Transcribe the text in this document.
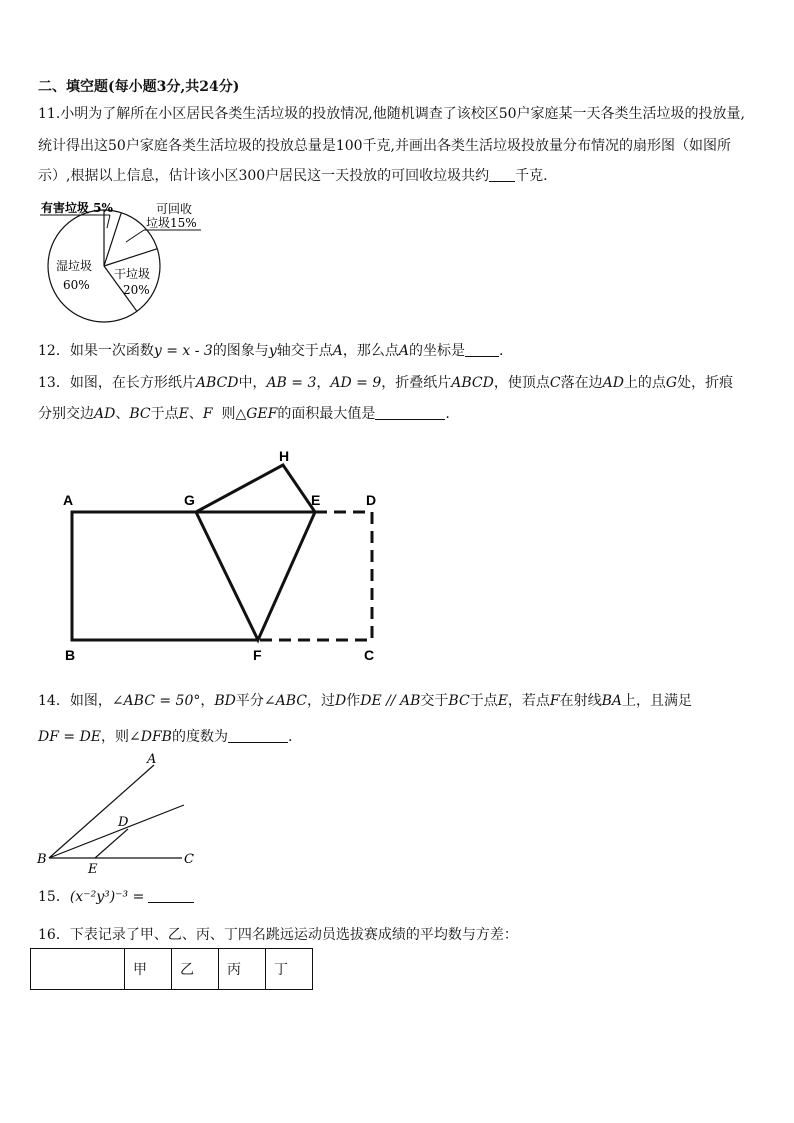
二、填空题(每小题3分,共24分)
11.小明为了解所在小区居民各类生活垃圾的投放情况,他随机调查了该校区50户家庭某一天各类生活垃圾的投放量,
统计得出这50户家庭各类生活垃圾的投放总量是100千克,并画出各类生活垃圾投放量分布情况的扇形图（如图所
示）,根据以上信息，估计该小区300户居民这一天投放的可回收垃圾共约 千克.
有害垃圾 5%	可回收
垃圾15%
湿垃圾
60%
干垃圾
20%
12．如果一次函数y = x - 3的图象与y轴交于点A，那么点A的坐标是 .
13．如图，在长方形纸片ABCD中，AB = 3，AD = 9，折叠纸片ABCD，使顶点C落在边AD上的点G处，折痕
分别交边AD、BC于点E、F 则△GEF的面积最大值是	.
A	G
H
E	D
B	F	C
14．如图，∠ABC = 50°，BD平分∠ABC，过D作DE // AB交于BC于点E，若点F在射线BA上，且满足
DF = DE，则∠DFB的度数为	.
A
D
B
E
C
15．(x⁻²y³)⁻³ =
16．下表记录了甲、乙、丙、丁四名跳远运动员选拔赛成绩的平均数与方差：
	甲	乙	丙	丁
